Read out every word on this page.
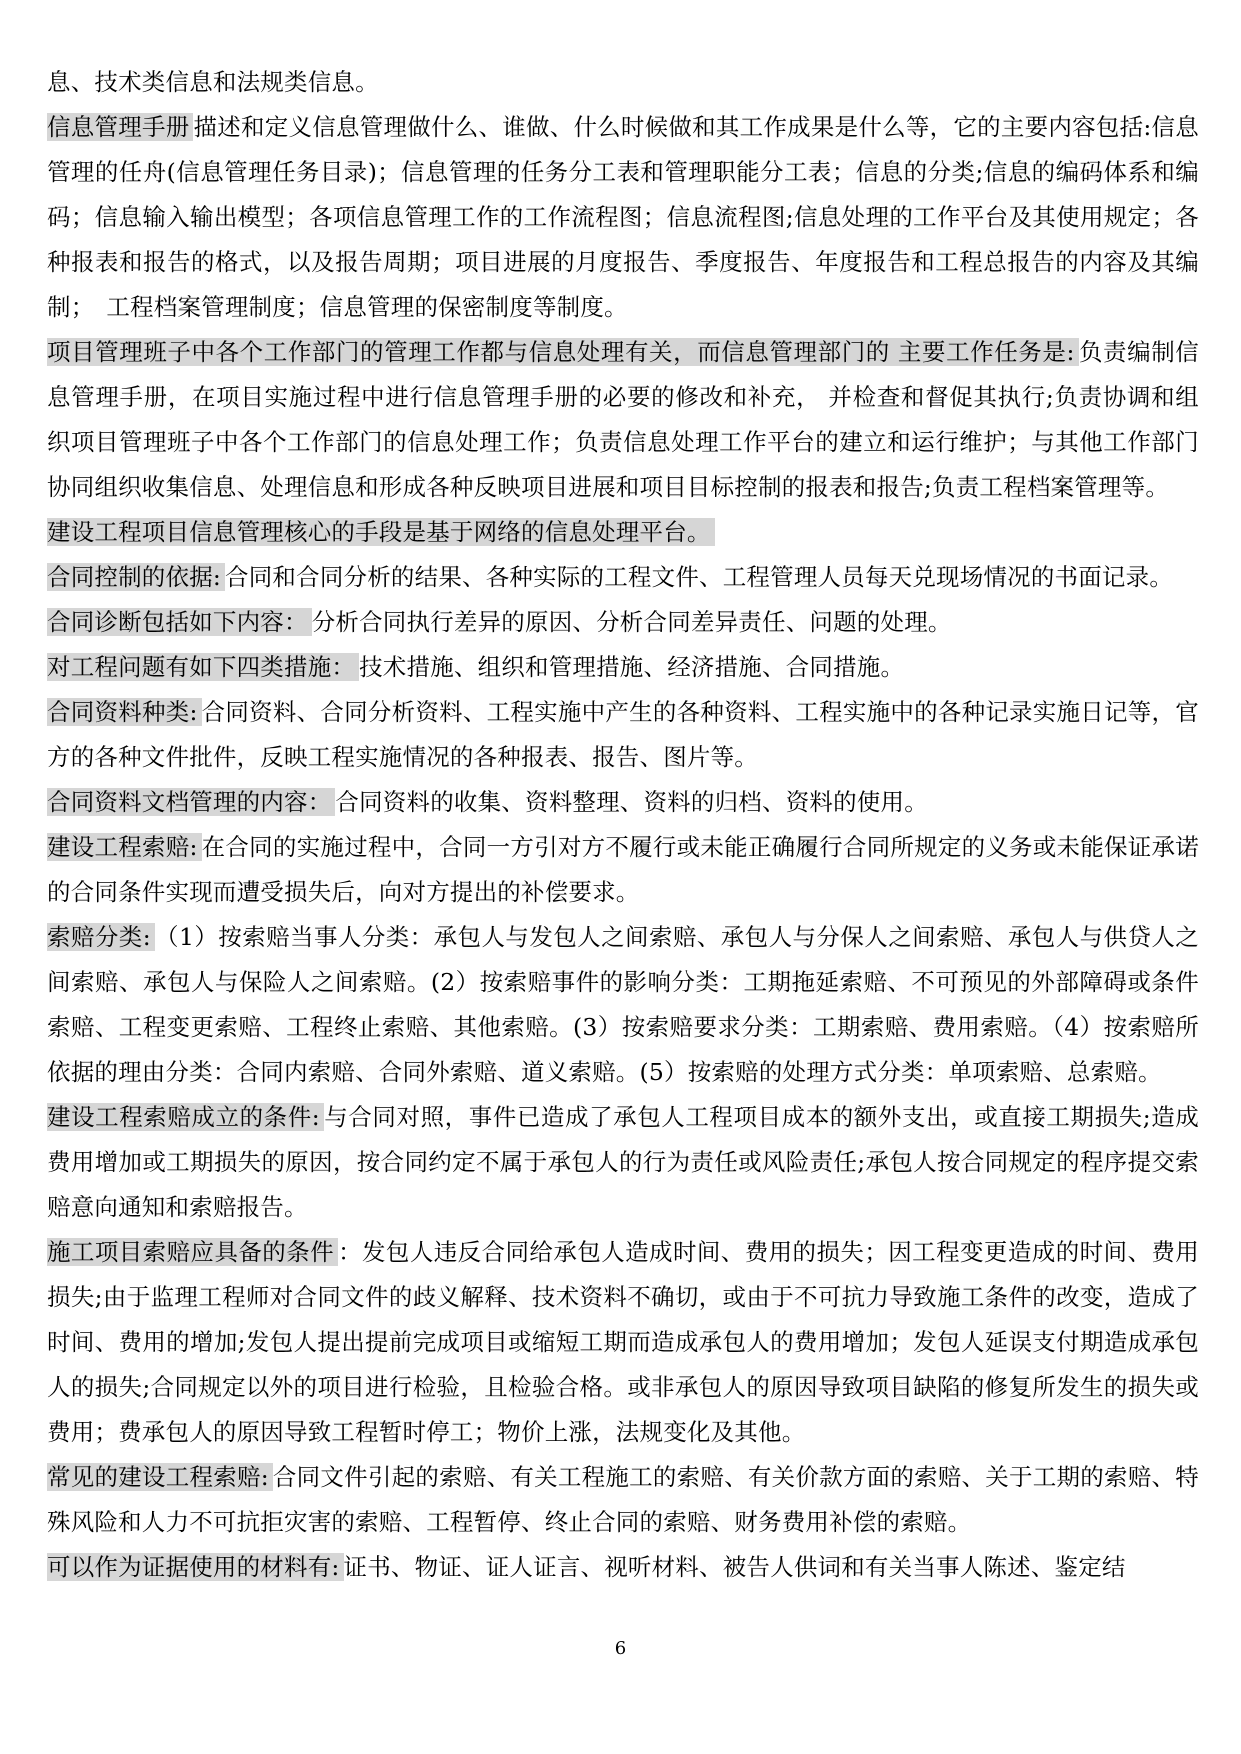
息、技术类信息和法规类信息。

信息管理手册 描述和定义信息管理做什么、谁做、什么时候做和其工作成果是什么等，它的主要内容包括:信息管理的任舟(信息管理任务目录)；信息管理的任务分工表和管理职能分工表；信息的分类;信息的编码体系和编码；信息输入输出模型；各项信息管理工作的工作流程图；信息流程图;信息处理的工作平台及其使用规定；各种报表和报告的格式，以及报告周期；项目进展的月度报告、季度报告、年度报告和工程总报告的内容及其编制；　工程档案管理制度；信息管理的保密制度等制度。

项目管理班子中各个工作部门的管理工作都与信息处理有关，而信息管理部门的 主要工作任务是: 负责编制信息管理手册，在项目实施过程中进行信息管理手册的必要的修改和补充， 并检查和督促其执行;负责协调和组织项目管理班子中各个工作部门的信息处理工作；负责信息处理工作平台的建立和运行维护；与其他工作部门协同组织收集信息、处理信息和形成各种反映项目进展和项目目标控制的报表和报告;负责工程档案管理等。

建设工程项目信息管理核心的手段是基于网络的信息处理平台。

合同控制的依据: 合同和合同分析的结果、各种实际的工程文件、工程管理人员每天兑现场情况的书面记录。

合同诊断包括如下内容： 分析合同执行差异的原因、分析合同差异责任、问题的处理。

对工程问题有如下四类措施： 技术措施、组织和管理措施、经济措施、合同措施。

合同资料种类: 合同资料、合同分析资料、工程实施中产生的各种资料、工程实施中的各种记录实施日记等，官方的各种文件批件，反映工程实施情况的各种报表、报告、图片等。

合同资料文档管理的内容： 合同资料的收集、资料整理、资料的归档、资料的使用。

建设工程索赔: 在合同的实施过程中，合同一方引对方不履行或未能正确履行合同所规定的义务或未能保证承诺的合同条件实现而遭受损失后，向对方提出的补偿要求。

索赔分类: （1）按索赔当事人分类：承包人与发包人之间索赔、承包人与分保人之间索赔、承包人与供贷人之间索赔、承包人与保险人之间索赔。(2）按索赔事件的影响分类：工期拖延索赔、不可预见的外部障碍或条件索赔、工程变更索赔、工程终止索赔、其他索赔。(3）按索赔要求分类：工期索赔、费用索赔。（4）按索赔所依据的理由分类：合同内索赔、合同外索赔、道义索赔。(5）按索赔的处理方式分类：单项索赔、总索赔。

建设工程索赔成立的条件: 与合同对照，事件已造成了承包人工程项目成本的额外支出，或直接工期损失;造成费用增加或工期损失的原因，按合同约定不属于承包人的行为责任或风险责任;承包人按合同规定的程序提交索赔意向通知和索赔报告。

施工项目索赔应具备的条件 ：发包人违反合同给承包人造成时间、费用的损失；因工程变更造成的时间、费用损失;由于监理工程师对合同文件的歧义解释、技术资料不确切，或由于不可抗力导致施工条件的改变，造成了时间、费用的增加;发包人提出提前完成项目或缩短工期而造成承包人的费用增加；发包人延误支付期造成承包人的损失;合同规定以外的项目进行检验，且检验合格。或非承包人的原因导致项目缺陷的修复所发生的损失或费用；费承包人的原因导致工程暂时停工；物价上涨，法规变化及其他。

常见的建设工程索赔: 合同文件引起的索赔、有关工程施工的索赔、有关价款方面的索赔、关于工期的索赔、特殊风险和人力不可抗拒灾害的索赔、工程暂停、终止合同的索赔、财务费用补偿的索赔。

可以作为证据使用的材料有: 证书、物证、证人证言、视听材料、被告人供词和有关当事人陈述、鉴定结

6
